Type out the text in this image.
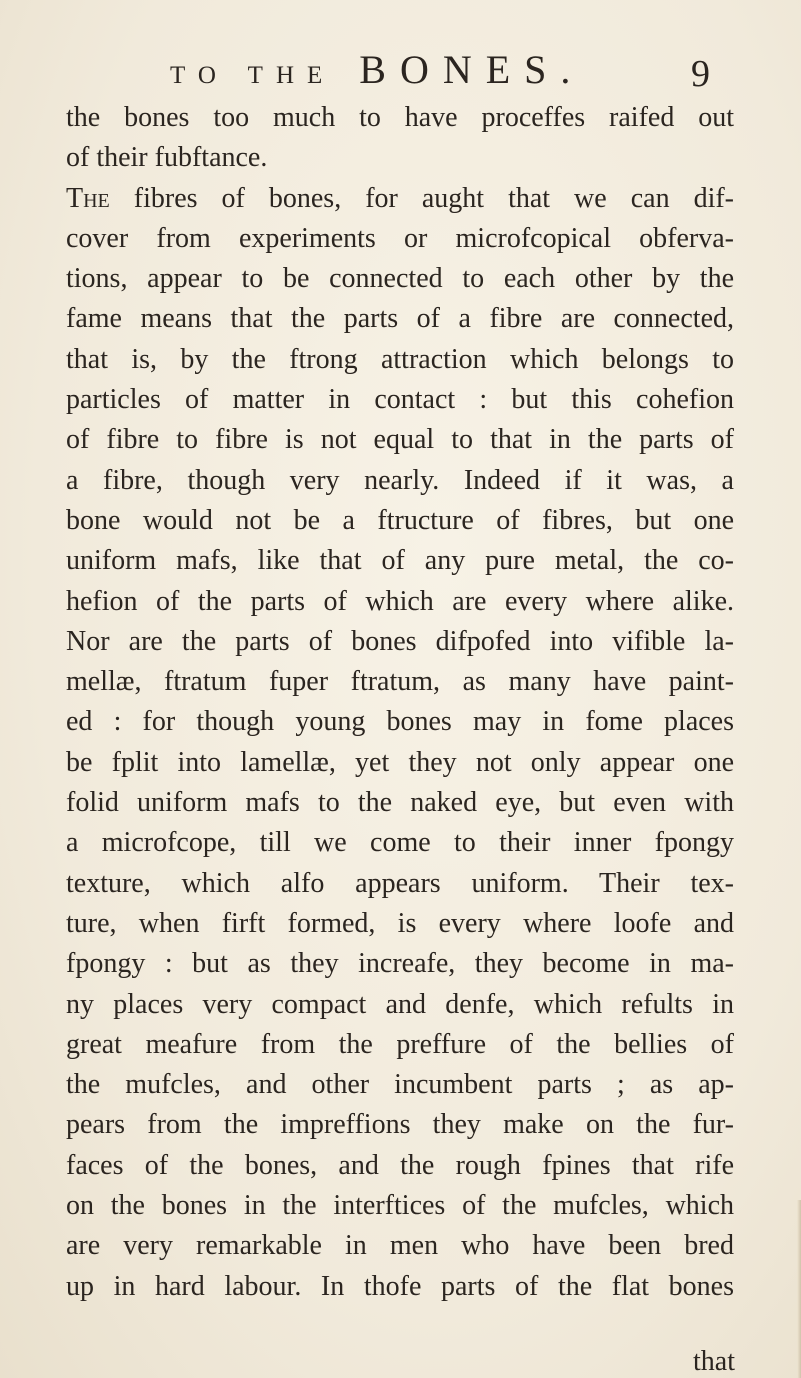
TO THE BONES.	9
the bones too much to have proceffes raifed out
of their fubftance.
The fibres of bones, for aught that we can dif-
cover from experiments or microfcopical obferva-
tions, appear to be connected to each other by the
fame means that the parts of a fibre are connected,
that is, by the ftrong attraction which belongs to
particles of matter in contact : but this cohefion
of fibre to fibre is not equal to that in the parts of
a fibre, though very nearly. Indeed if it was, a
bone would not be a ftructure of fibres, but one
uniform mafs, like that of any pure metal, the co-
hefion of the parts of which are every where alike.
Nor are the parts of bones difpofed into vifible la-
mellæ, ftratum fuper ftratum, as many have paint-
ed : for though young bones may in fome places
be fplit into lamellæ, yet they not only appear one
folid uniform mafs to the naked eye, but even with
a microfcope, till we come to their inner fpongy
texture, which alfo appears uniform. Their tex-
ture, when firft formed, is every where loofe and
fpongy : but as they increafe, they become in ma-
ny places very compact and denfe, which refults in
great meafure from the preffure of the bellies of
the mufcles, and other incumbent parts ; as ap-
pears from the impreffions they make on the fur-
faces of the bones, and the rough fpines that rife
on the bones in the interftices of the mufcles, which
are very remarkable in men who have been bred
up in hard labour. In thofe parts of the flat bones
that
